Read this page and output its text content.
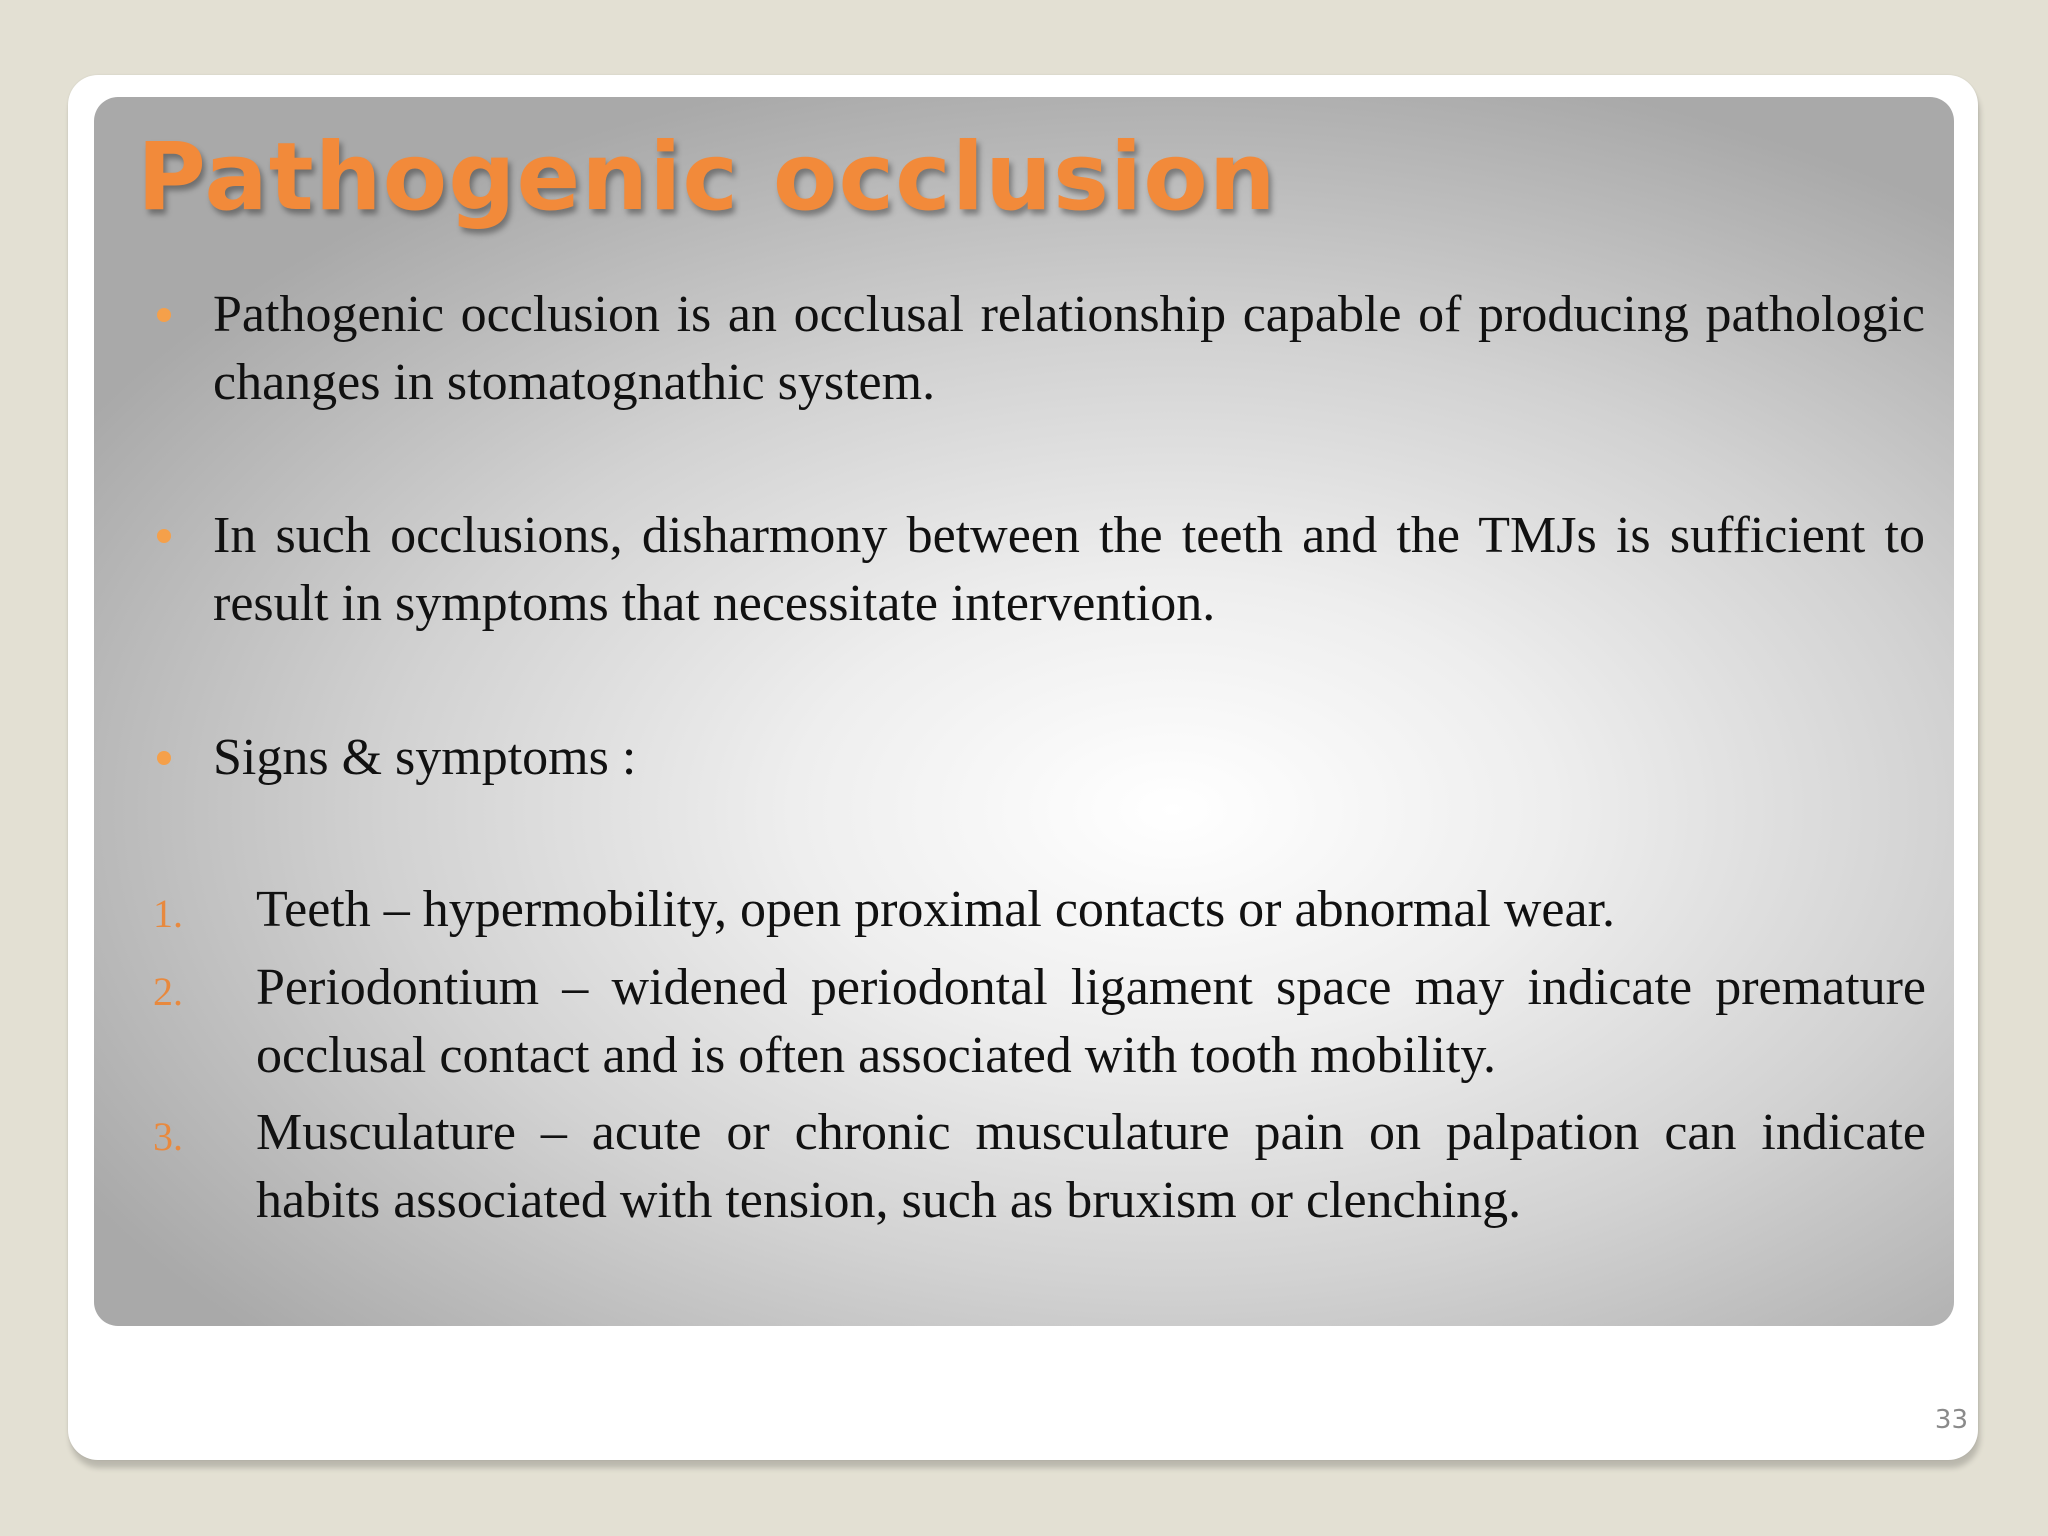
Pathogenic occlusion
Pathogenic occlusion is an occlusal relationship capable of producing pathologic changes in stomatognathic system.
In such occlusions, disharmony between the teeth and the TMJs is sufficient to result in symptoms that necessitate intervention.
Signs & symptoms :
1. Teeth – hypermobility, open proximal contacts or abnormal wear.
2. Periodontium – widened periodontal ligament space may indicate premature occlusal contact and is often associated with tooth mobility.
3. Musculature – acute or chronic musculature pain on palpation can indicate habits associated with tension, such as bruxism or clenching.
33
